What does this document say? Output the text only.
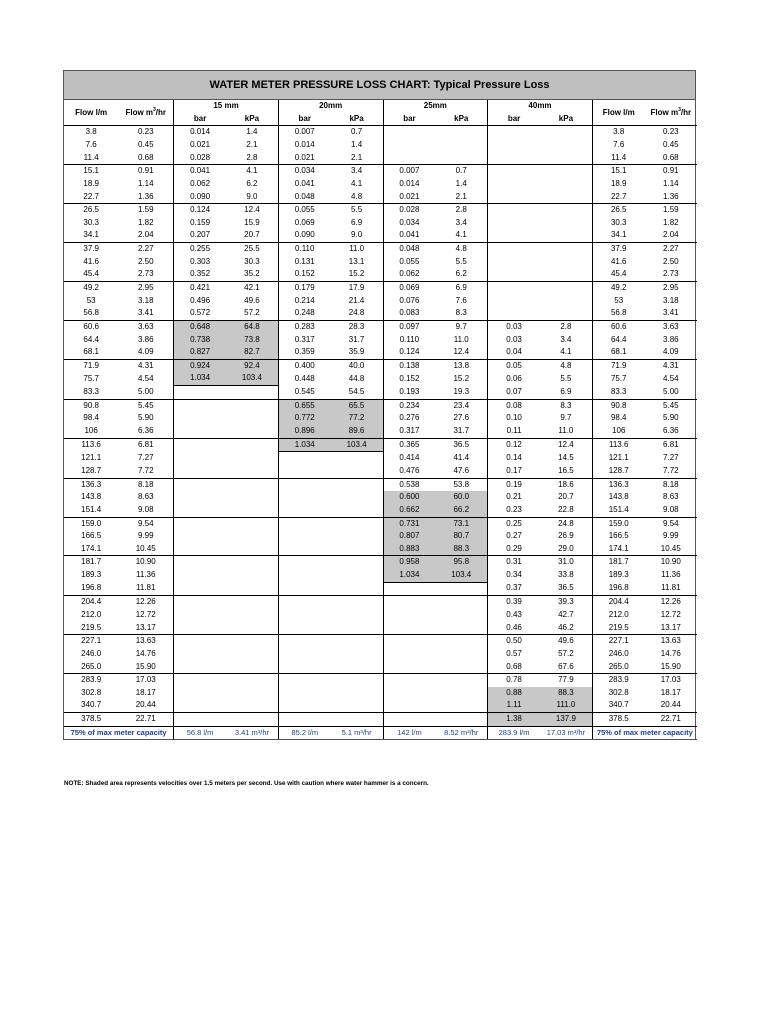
WATER METER PRESSURE LOSS CHART: Typical Pressure Loss
Flow l/m	Flow $m^3/hr$	15 mm		20mm		25mm		40mm		Flow l/m	Flow $m^3/hr$
		bar	kPa	bar	kPa	bar	kPa	bar	kPa		
3.8	0.23	0.014	1.4	0.007	0.7					3.8	0.23
7.6	0.45	0.021	2.1	0.014	1.4					7.6	0.45
11.4	0.68	0.028	2.8	0.021	2.1					11.4	0.68
15.1	0.91	0.041	4.1	0.034	3.4	0.007	0.7			15.1	0.91
18.9	1.14	0.062	6.2	0.041	4.1	0.014	1.4			18.9	1.14
22.7	1.36	0.090	9.0	0.048	4.8	0.021	2.1			22.7	1.36
26.5	1.59	0.124	12.4	0.055	5.5	0.028	2.8			26.5	1.59
30.3	1.82	0.159	15.9	0.069	6.9	0.034	3.4			30.3	1.82
34.1	2.04	0.207	20.7	0.090	9.0	0.041	4.1			34.1	2.04
37.9	2.27	0.255	25.5	0.110	11.0	0.048	4.8			37.9	2.27
41.6	2.50	0.303	30.3	0.131	13.1	0.055	5.5			41.6	2.50
45.4	2.73	0.352	35.2	0.152	15.2	0.062	6.2			45.4	2.73
49.2	2.95	0.421	42.1	0.179	17.9	0.069	6.9			49.2	2.95
53	3.18	0.496	49.6	0.214	21.4	0.076	7.6			53	3.18
56.8	3.41	0.572	57.2	0.248	24.8	0.083	8.3			56.8	3.41
60.6	3.63	0.648	64.8	0.283	28.3	0.097	9.7	0.03	2.8	60.6	3.63
64.4	3.86	0.738	73.8	0.317	31.7	0.110	11.0	0.03	3.4	64.4	3.86
68.1	4.09	0.827	82.7	0.359	35.9	0.124	12.4	0.04	4.1	68.1	4.09
71.9	4.31	0.924	92.4	0.400	40.0	0.138	13.8	0.05	4.8	71.9	4.31
75.7	4.54	1.034	103.4	0.448	44.8	0.152	15.2	0.06	5.5	75.7	4.54
83.3	5.00			0.545	54.5	0.193	19.3	0.07	6.9	83.3	5.00
90.8	5.45			0.655	65.5	0.234	23.4	0.08	8.3	90.8	5.45
98.4	5.90			0.772	77.2	0.276	27.6	0.10	9.7	98.4	5.90
106	6.36			0.896	89.6	0.317	31.7	0.11	11.0	106	6.36
113.6	6.81			1.034	103.4	0.365	36.5	0.12	12.4	113.6	6.81
121.1	7.27					0.414	41.4	0.14	14.5	121.1	7.27
128.7	7.72					0.476	47.6	0.17	16.5	128.7	7.72
136.3	8.18					0.538	53.8	0.19	18.6	136.3	8.18
143.8	8.63					0.600	60.0	0.21	20.7	143.8	8.63
151.4	9.08					0.662	66.2	0.23	22.8	151.4	9.08
159.0	9.54					0.731	73.1	0.25	24.8	159.0	9.54
166.5	9.99					0.807	80.7	0.27	26.9	166.5	9.99
174.1	10.45					0.883	88.3	0.29	29.0	174.1	10.45
181.7	10.90					0.958	95.8	0.31	31.0	181.7	10.90
189.3	11.36					1.034	103.4	0.34	33.8	189.3	11.36
196.8	11.81							0.37	36.5	196.8	11.81
204.4	12.26							0.39	39.3	204.4	12.26
212.0	12.72							0.43	42.7	212.0	12.72
219.5	13.17							0.46	46.2	219.5	13.17
227.1	13.63							0.50	49.6	227.1	13.63
246.0	14.76							0.57	57.2	246.0	14.76
265.0	15.90							0.68	67.6	265.0	15.90
283.9	17.03							0.78	77.9	283.9	17.03
302.8	18.17							0.88	88.3	302.8	18.17
340.7	20.44							1.11	111.0	340.7	20.44
378.5	22.71							1.38	137.9	378.5	22.71
75% of max meter capacity		56.8 l/m	3.41 m³/hr	85.2 l/m	5.1 m³/hr	142 l/m	8.52 m³/hr	283.9 l/m	17.03 m³/hr	75% of max meter capacity	
NOTE: Shaded area represents velocities over 1.5 meters per second. Use with caution where water hammer is a concern.
